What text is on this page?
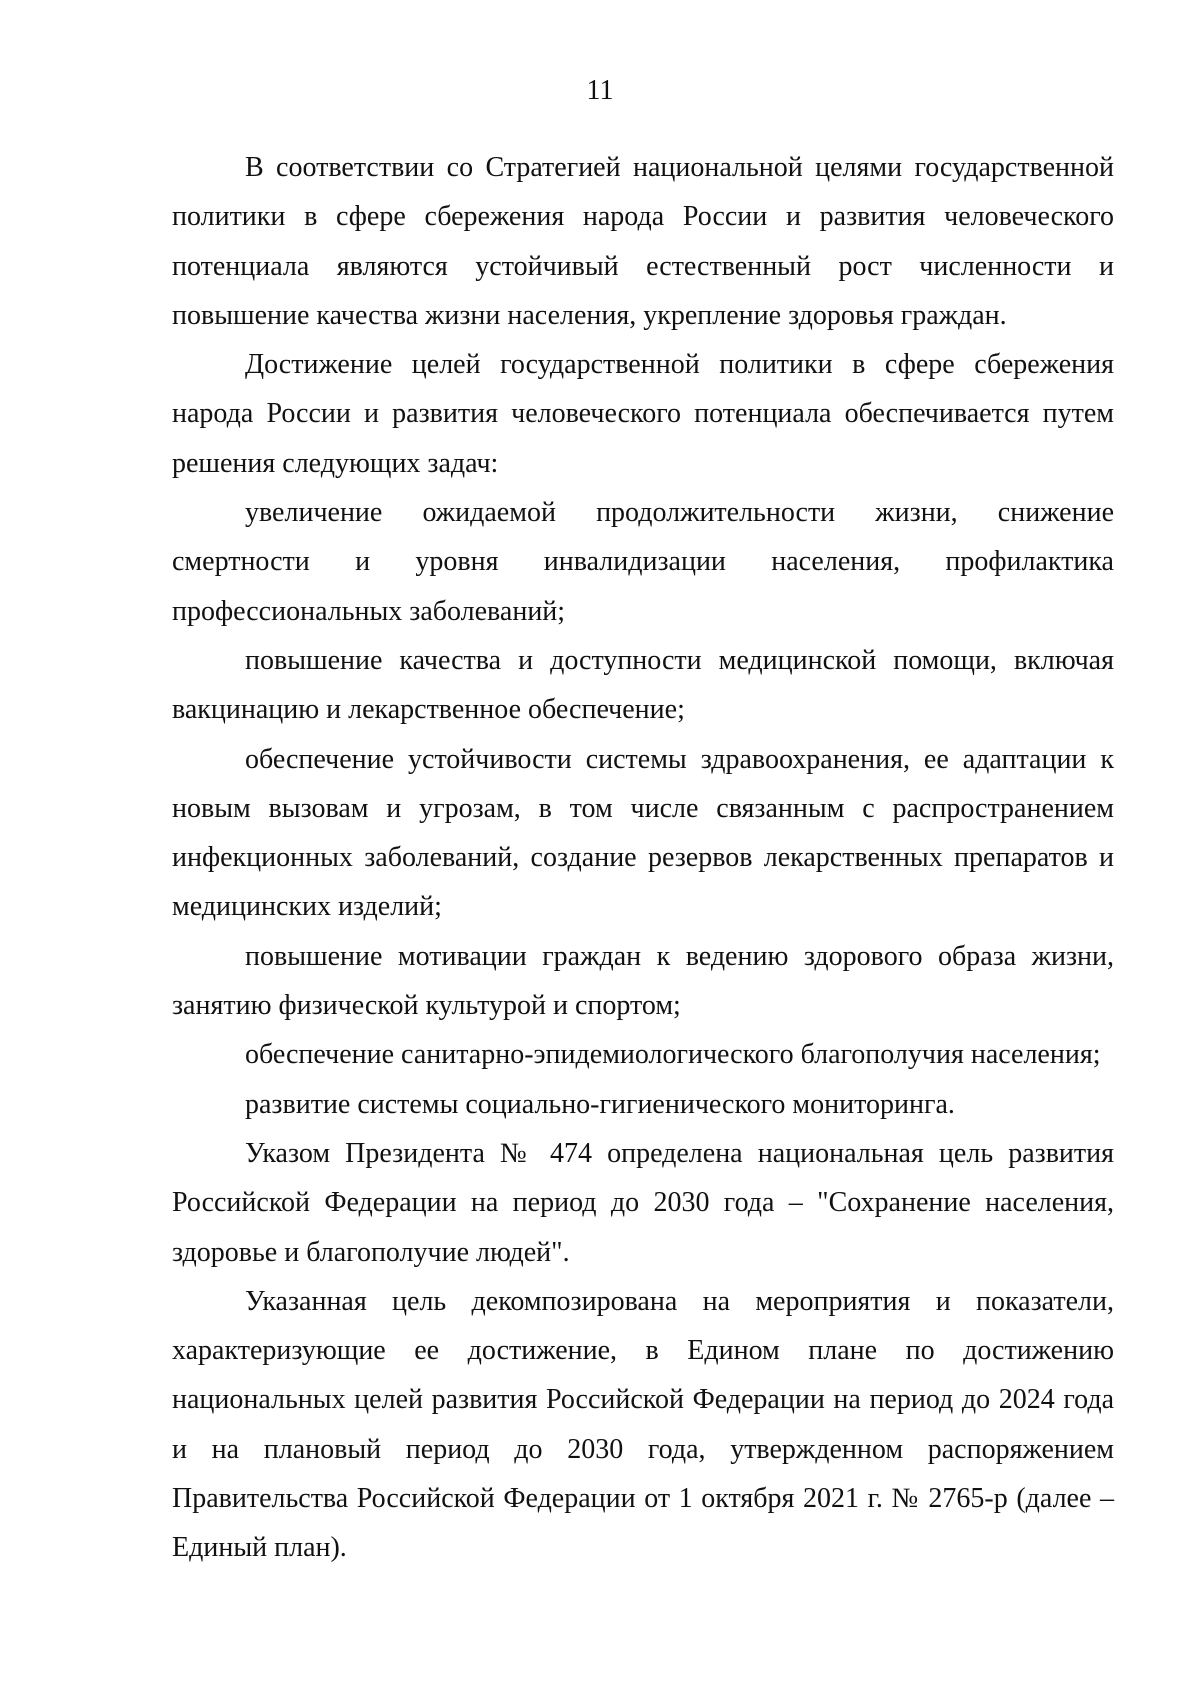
11

В соответствии со Стратегией национальной целями государственной политики в сфере сбережения народа России и развития человеческого потенциала являются устойчивый естественный рост численности и повышение качества жизни населения, укрепление здоровья граждан.

Достижение целей государственной политики в сфере сбережения народа России и развития человеческого потенциала обеспечивается путем решения следующих задач:

увеличение ожидаемой продолжительности жизни, снижение смертности и уровня инвалидизации населения, профилактика профессиональных заболеваний;

повышение качества и доступности медицинской помощи, включая вакцинацию и лекарственное обеспечение;

обеспечение устойчивости системы здравоохранения, ее адаптации к новым вызовам и угрозам, в том числе связанным с распространением инфекционных заболеваний, создание резервов лекарственных препаратов и медицинских изделий;

повышение мотивации граждан к ведению здорового образа жизни, занятию физической культурой и спортом;

обеспечение санитарно-эпидемиологического благополучия населения;

развитие системы социально-гигиенического мониторинга.

Указом Президента № 474 определена национальная цель развития Российской Федерации на период до 2030 года – "Сохранение населения, здоровье и благополучие людей".

Указанная цель декомпозирована на мероприятия и показатели, характеризующие ее достижение, в Едином плане по достижению национальных целей развития Российской Федерации на период до 2024 года и на плановый период до 2030 года, утвержденном распоряжением Правительства Российской Федерации от 1 октября 2021 г. № 2765-р (далее – Единый план).
